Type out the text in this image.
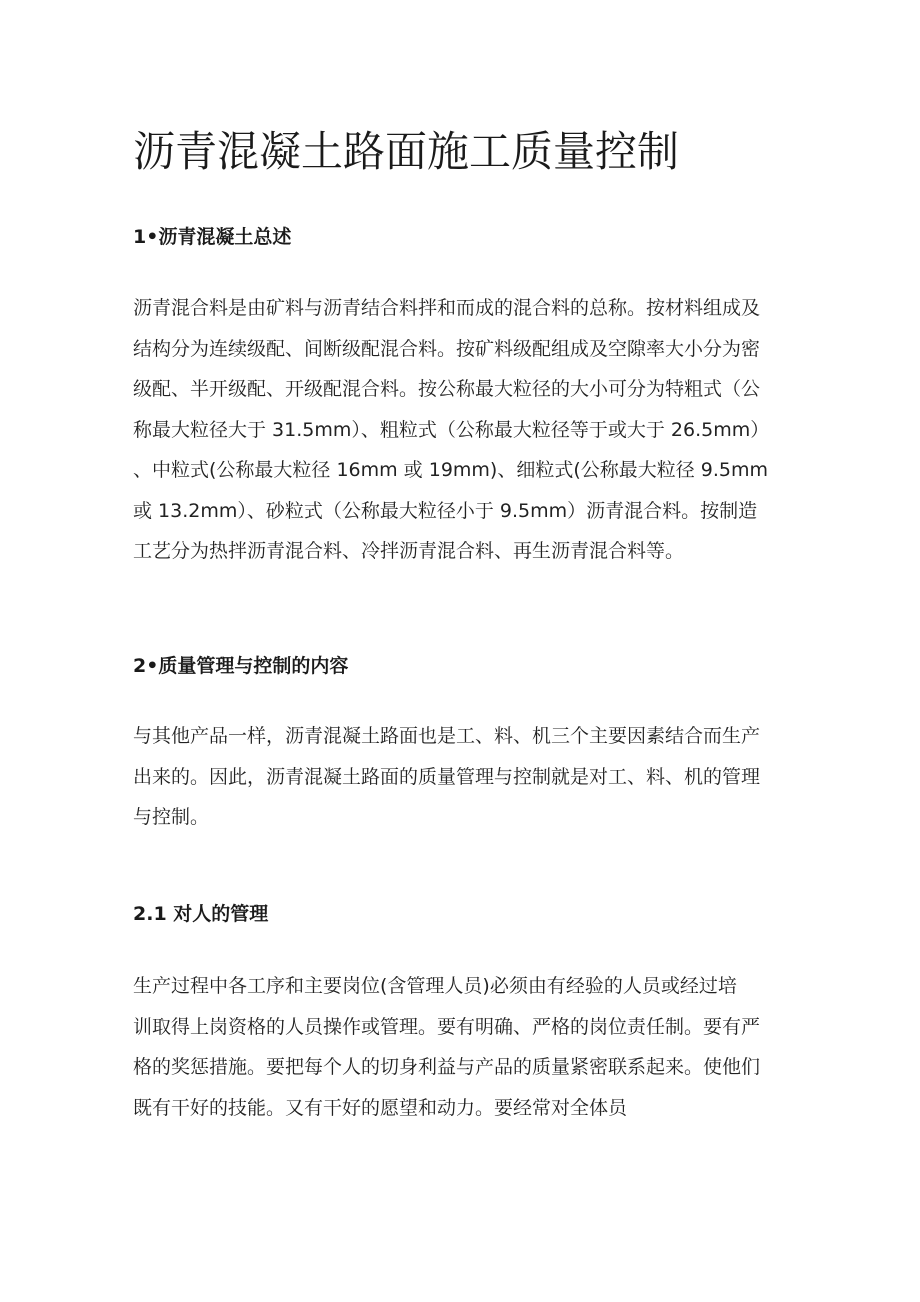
沥青混凝土路面施工质量控制
1•沥青混凝土总述
沥青混合料是由矿料与沥青结合料拌和而成的混合料的总称。按材料组成及
结构分为连续级配、间断级配混合料。按矿料级配组成及空隙率大小分为密
级配、半开级配、开级配混合料。按公称最大粒径的大小可分为特粗式（公
称最大粒径大于 31.5mm）、粗粒式（公称最大粒径等于或大于 26.5mm）
、中粒式(公称最大粒径 16mm 或 19mm)、细粒式(公称最大粒径 9.5mm
或 13.2mm）、砂粒式（公称最大粒径小于 9.5mm）沥青混合料。按制造
工艺分为热拌沥青混合料、冷拌沥青混合料、再生沥青混合料等。
2•质量管理与控制的内容
与其他产品一样，沥青混凝土路面也是工、料、机三个主要因素结合而生产
出来的。因此，沥青混凝土路面的质量管理与控制就是对工、料、机的管理
与控制。
2.1 对人的管理
生产过程中各工序和主要岗位(含管理人员)必须由有经验的人员或经过培
训取得上岗资格的人员操作或管理。要有明确、严格的岗位责任制。要有严
格的奖惩措施。要把每个人的切身利益与产品的质量紧密联系起来。使他们
既有干好的技能。又有干好的愿望和动力。要经常对全体员
